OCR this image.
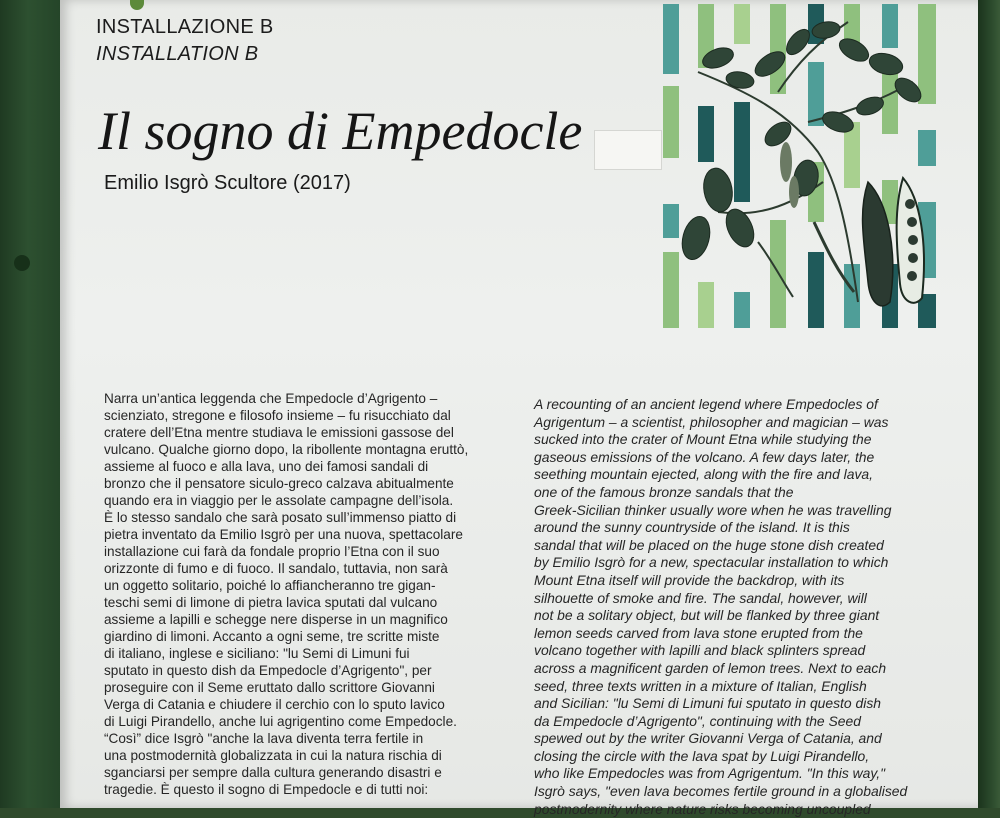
INSTALLAZIONE B

INSTALLATION B

Il sogno di Empedocle

Emilio Isgrò Scultore (2017)

Narra un’antica leggenda che Empedocle d’Agrigento –
scienziato, stregone e filosofo insieme – fu risucchiato dal
cratere dell’Etna mentre studiava le emissioni gassose del
vulcano. Qualche giorno dopo, la ribollente montagna eruttò,
assieme al fuoco e alla lava, uno dei famosi sandali di
bronzo che il pensatore siculo-greco calzava abitualmente
quando era in viaggio per le assolate campagne dell’isola.
È lo stesso sandalo che sarà posato sull’immenso piatto di
pietra inventato da Emilio Isgrò per una nuova, spettacolare
installazione cui farà da fondale proprio l’Etna con il suo
orizzonte di fumo e di fuoco. Il sandalo, tuttavia, non sarà
un oggetto solitario, poiché lo affiancheranno tre gigan-
teschi semi di limone di pietra lavica sputati dal vulcano
assieme a lapilli e schegge nere disperse in un magnifico
giardino di limoni. Accanto a ogni seme, tre scritte miste
di italiano, inglese e siciliano: "lu Semi di Limuni fui
sputato in questo dish da Empedocle d’Agrigento", per
proseguire con il Seme eruttato dallo scrittore Giovanni
Verga di Catania e chiudere il cerchio con lo sputo lavico
di Luigi Pirandello, anche lui agrigentino come Empedocle.
“Così” dice Isgrò "anche la lava diventa terra fertile in
una postmodernità globalizzata in cui la natura rischia di
sganciarsi per sempre dalla cultura generando disastri e
tragedie. È questo il sogno di Empedocle e di tutti noi:
A recounting of an ancient legend where Empedocles of
Agrigentum – a scientist, philosopher and magician – was
sucked into the crater of Mount Etna while studying the
gaseous emissions of the volcano. A few days later, the
seething mountain ejected, along with the fire and lava,
one of the famous bronze sandals that the
Greek-Sicilian thinker usually wore when he was travelling
around the sunny countryside of the island. It is this
sandal that will be placed on the huge stone dish created
by Emilio Isgrò for a new, spectacular installation to which
Mount Etna itself will provide the backdrop, with its
silhouette of smoke and fire. The sandal, however, will
not be a solitary object, but will be flanked by three giant
lemon seeds carved from lava stone erupted from the
volcano together with lapilli and black splinters spread
across a magnificent garden of lemon trees. Next to each
seed, three texts written in a mixture of Italian, English
and Sicilian: "lu Semi di Limuni fui sputato in questo dish
da Empedocle d’Agrigento", continuing with the Seed
spewed out by the writer Giovanni Verga of Catania, and
closing the circle with the lava spat by Luigi Pirandello,
who like Empedocles was from Agrigentum. "In this way,"
Isgrò says, "even lava becomes fertile ground in a globalised
postmodernity where nature risks becoming uncoupled
